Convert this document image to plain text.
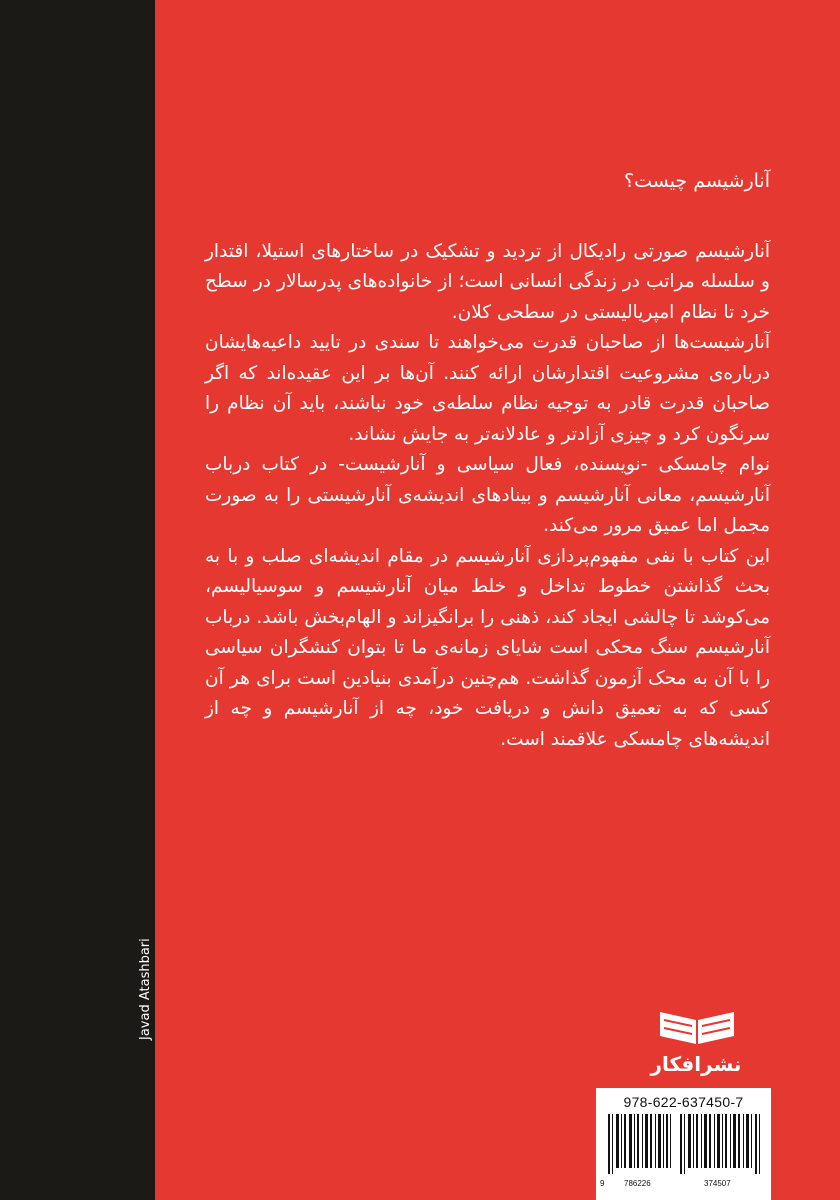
Javad Atashbari
آنارشیسم چیست؟

آنارشیسم صورتی رادیکال از تردید و تشکیک در ساختارهای استیلا، اقتدار و سلسله مراتب در زندگی انسانی است؛ از خانواده‌های پدرسالار در سطح خرد تا نظام امپریالیستی در سطحی کلان.

آنارشیست‌ها از صاحبان قدرت می‌خواهند تا سندی در تایید داعیه‌هایشان درباره‌ی مشروعیت اقتدارشان ارائه کنند. آن‌ها بر این عقیده‌اند که اگر صاحبان قدرت قادر به توجیه نظام سلطه‌ی خود نباشند، باید آن نظام را سرنگون کرد و چیزی آزادتر و عادلانه‌تر به جایش نشاند.

نوام چامسکی -نویسنده، فعال سیاسی و آنارشیست- در کتاب درباب آنارشیسم، معانی آنارشیسم و بینادهای اندیشه‌ی آنارشیستی را به صورت مجمل اما عمیق مرور می‌کند.

این کتاب با نفی مفهوم‌پردازی آنارشیسم در مقام اندیشه‌ای صلب و با به بحث گذاشتن خطوط تداخل و خلط میان آنارشیسم و سوسیالیسم، می‌کوشد تا چالشی ایجاد کند، ذهنی را برانگیزاند و الهام‌بخش باشد. درباب آنارشیسم سنگ محکی است شایای زمانه‌ی ما تا بتوان کنشگران سیاسی را با آن به محک آزمون گذاشت. هم‌چنین درآمدی بنیادین است برای هر آن کسی که به تعمیق دانش و دریافت خود، چه از آنارشیسم و چه از اندیشه‌های چامسکی علاقمند است.

نشرافکار
978-622-637450-7
9 786226	374507
